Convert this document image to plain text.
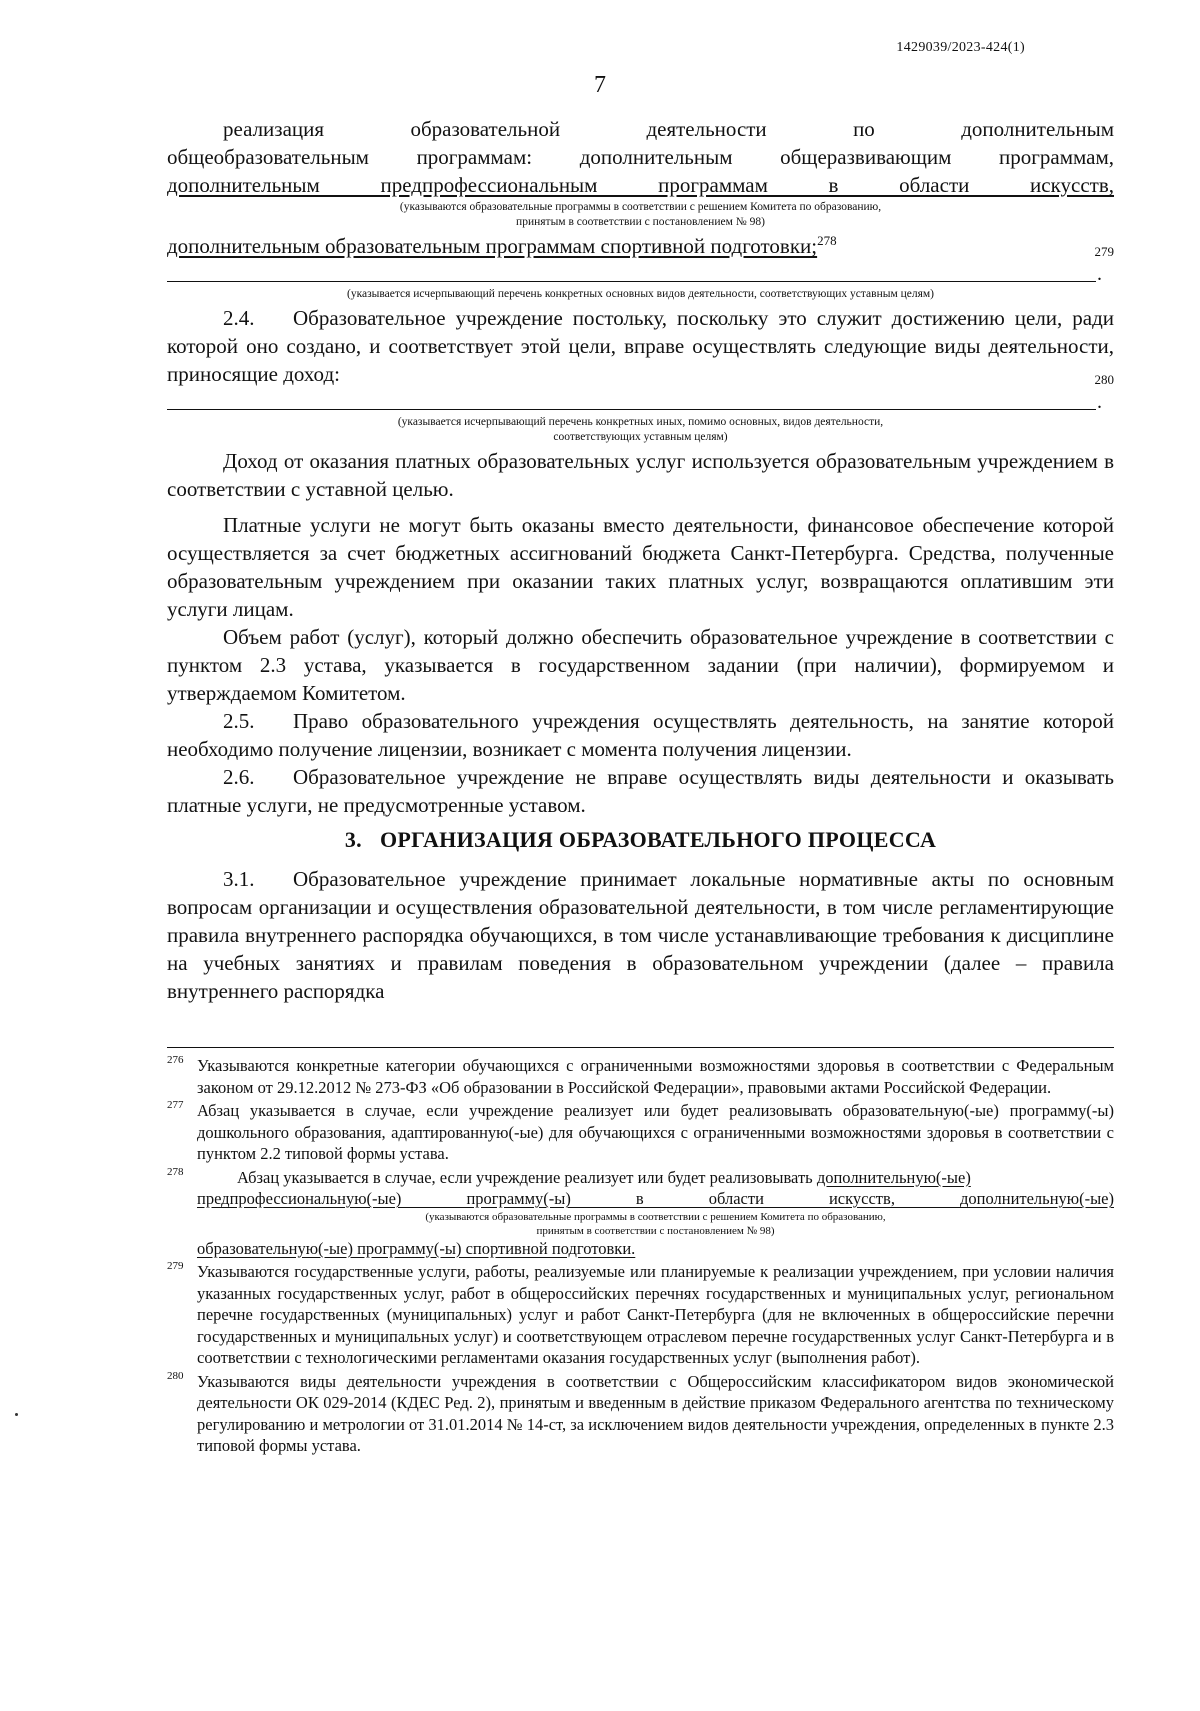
1429039/2023-424(1)
7

реализация образовательной деятельности по дополнительным

общеобразовательным программам: дополнительным общеразвивающим программам,

дополнительным предпрофессиональным программам в области искусств,

(указываются образовательные программы в соответствии с решением Комитета по образованию,
принятым в соответствии с постановлением № 98)

дополнительным образовательным программам спортивной подготовки;$^{278}$

.
279
(указывается исчерпывающий перечень конкретных основных видов деятельности, соответствующих уставным целям)

2.4. Образовательное учреждение постольку, поскольку это служит достижению цели, ради которой оно создано, и соответствует этой цели, вправе осуществлять следующие виды деятельности, приносящие доход:

.
280
(указывается исчерпывающий перечень конкретных иных, помимо основных, видов деятельности,
соответствующих уставным целям)

Доход от оказания платных образовательных услуг используется образовательным учреждением в соответствии с уставной целью.

Платные услуги не могут быть оказаны вместо деятельности, финансовое обеспечение которой осуществляется за счет бюджетных ассигнований бюджета Санкт-Петербурга. Средства, полученные образовательным учреждением при оказании таких платных услуг, возвращаются оплатившим эти услуги лицам.

Объем работ (услуг), который должно обеспечить образовательное учреждение в соответствии с пунктом 2.3 устава, указывается в государственном задании (при наличии), формируемом и утверждаемом Комитетом.

2.5. Право образовательного учреждения осуществлять деятельность, на занятие которой необходимо получение лицензии, возникает с момента получения лицензии.

2.6. Образовательное учреждение не вправе осуществлять виды деятельности и оказывать платные услуги, не предусмотренные уставом.

3. ОРГАНИЗАЦИЯ ОБРАЗОВАТЕЛЬНОГО ПРОЦЕССА

3.1. Образовательное учреждение принимает локальные нормативные акты по основным вопросам организации и осуществления образовательной деятельности, в том числе регламентирующие правила внутреннего распорядка обучающихся, в том числе устанавливающие требования к дисциплине на учебных занятиях и правилам поведения в образовательном учреждении (далее – правила внутреннего распорядка

276 Указываются конкретные категории обучающихся с ограниченными возможностями здоровья в соответствии с Федеральным законом от 29.12.2012 № 273-ФЗ «Об образовании в Российской Федерации», правовыми актами Российской Федерации.

277 Абзац указывается в случае, если учреждение реализует или будет реализовывать образовательную(-ые) программу(-ы) дошкольного образования, адаптированную(-ые) для обучающихся с ограниченными возможностями здоровья в соответствии с пунктом 2.2 типовой формы устава.

278	Абзац указывается в случае, если учреждение реализует или будет реализовывать дополнительную(-ые)

предпрофессиональную(-ые) программу(-ы) в области искусств, дополнительную(-ые)

(указываются образовательные программы в соответствии с решением Комитета по образованию,
принятым в соответствии с постановлением № 98)

образовательную(-ые) программу(-ы) спортивной подготовки.

279 Указываются государственные услуги, работы, реализуемые или планируемые к реализации учреждением, при условии наличия указанных государственных услуг, работ в общероссийских перечнях государственных и муниципальных услуг, региональном перечне государственных (муниципальных) услуг и работ Санкт-Петербурга (для не включенных в общероссийские перечни государственных и муниципальных услуг) и соответствующем отраслевом перечне государственных услуг Санкт-Петербурга и в соответствии с технологическими регламентами оказания государственных услуг (выполнения работ).

280 Указываются виды деятельности учреждения в соответствии с Общероссийским классификатором видов экономической деятельности ОК 029-2014 (КДЕС Ред. 2), принятым и введенным в действие приказом Федерального агентства по техническому регулированию и метрологии от 31.01.2014 № 14-ст, за исключением видов деятельности учреждения, определенных в пункте 2.3 типовой формы устава.
